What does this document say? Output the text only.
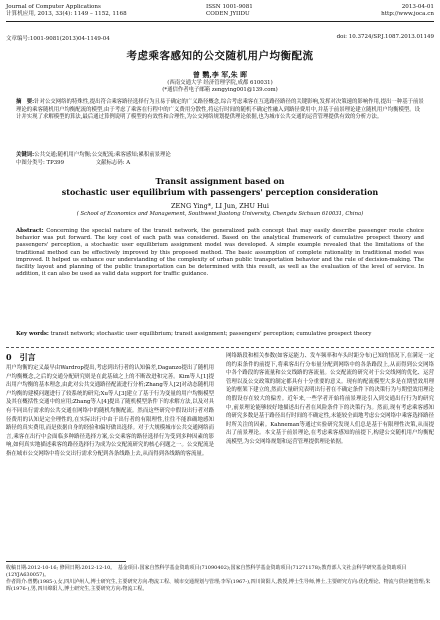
Journal of Computer Applications
计算机应用, 2013, 33(4): 1149 – 1152, 1168
ISSN 1001-9081
CODEN JYIIDU
2013-04-01
http://www.joca.cn
文章编号:1001-9081(2013)04-1149-04	doi: 10.3724/SP.J.1087.2013.01149
考虑乘客感知的公交随机用户均衡配流
曾 鹦,李 军,朱 晖
(西南交通大学 经济管理学院,成都 610031)
(*通信作者电子邮箱 zengying001@139.com)
摘　要:针对公交网络的特殊性,提出符合乘客路径选择行为且易于确定的广义路径概念,综合考虑乘客在互选路径路径的关键影响,发挥对决策速的影响作用,提出一种基于前景理论的乘客随机用户均衡配流的模型,由于考虑了乘客在行程中的广义费用分散性,将运行时间的随机不确定性融入到路径费用中,并基于前景理论建立随机用户均衡模型。设计并实现了求解模型的算法,最后通过算例说明了模型的有效性和合理性,为公交网络规划提供理论依据,也为城市公共交通的运营管理提供有效的分析方法。
关键词:公共交通;随机用户均衡;公交配流;乘客感知;累积前景理论
中图分类号: TP399	文献标志码: A
Transit assignment based on
stochastic user equilibrium with passengers' perception consideration
ZENG Ying*, LI Jun, ZHU Hui
( School of Economics and Management, Southwest Jiaotong University, Chengdu Sichuan 610031, China)
Abstract: Concerning the special nature of the transit network, the generalized path concept that may easily describe passenger route choice behavior was put forward. The key cost of each path was considered. Based on the analytical framework of cumulative prospect theory and passengers' perception, a stochastic user equilibrium assignment model was developed. A simple example revealed that the limitations of the traditional method can be effectively improved by this proposed method. The basic assumption of complete rationality in traditional model was improved. It helped us enhance our understanding of the complexity of urban public transportation behavior and the rule of decision-making. The facility layout and planning of the public transportation can be determined with this result, as well as the evaluation of the level of service. In addition, it can also be used as valid data support for traffic guidance.
Key words: transit network; stochastic user equilibrium; transit assignment; passengers' perception; cumulative prospect theory
0　引言
用户均衡的定义最早由Wardrop提出,考虑到出行者的认知偏差,Daganzo提出了随机用户均衡概念,之后的交通分配研究则是在此基础之上的不断改进和完善。Kim等人[1]提出用户均衡的基本理念,由此对公共交通路径配流进行分析;Zhang等人[2]对动态随机用户均衡的建模问题进行了较系统的研究;Xu等人[3]建立了基于行为变量的用户均衡模型及其在概括性交通中的应用;Zhang等人[4]提出了随机模型条件下的求解方法,以及对具有不同出行需求的公共交通在网络中的随机均衡配流。然而这些研究中假设出行者对路径费用的认知是完全理性的,在实际出行中由于出行者的有限理性,往往不能准确地感知路径的真实费用,而是依据自身的经验和偏好做出选择。对于大规模城市公共交通网络而言,乘客在出行中会面临多种路径选择方案,公交乘客的路径选择行为受到多种因素的影响,如何真实地描述乘客的路径选择行为成为公交配流研究的核心问题之一。公交配流是指在城市公交网络中将公交出行需求分配到各条线路上去,从而得到各线路的客流量。
网络路段和相关参数(如客运能力、发车频率和车头时距分布)已知的情况下,在满足一定的约束条件的前提下,将乘客出行分布量分配到网络中的各条路段上,从而得到公交网络中各个路段的客流量和公交线路的客流量。公交配流的研究对于公交线网的优化、运营管理以及公交政策的制定都具有十分重要的意义。现有的配流模型大多是在期望效用理论的框架下建立的,然而大量研究表明出行者在不确定条件下的决策行为与期望效用理论的假设存在较大的偏差。近年来,一些学者开始将前景理论引入到交通出行行为的研究中,前景理论能够较好地描述出行者在风险条件下的决策行为。然而,现有考虑乘客感知的研究多数是基于路径出行时间的不确定性,未能较全面地考虑公交网络中乘客选择路径时所关注的因素。Kahneman等通过实验研究发现人们总是基于有限理性决策,从而提出了前景理论。本文基于前景理论,在考虑乘客感知的前提下,构建公交随机用户均衡配流模型,为公交网络规划和运营管理提供理论依据。
收稿日期:2012-10-16; 修回日期:2012-12-10。　基金项目:国家自然科学基金资助项目(71090402);国家自然科学基金资助项目(71271178);教育部人文社会科学研究基金资助项目(12YJA630057)。
作者简介:曾鹦(1985-),女,四川泸州人,博士研究生,主要研究方向:物流工程、城市交通规划与管理;李军(1967-),四川简阳人,教授,博士生导师,博士,主要研究方向:优化理论、物流与供应链管理;朱晖(1976-),男,四川绵阳人,博士研究生,主要研究方向:物流工程。
